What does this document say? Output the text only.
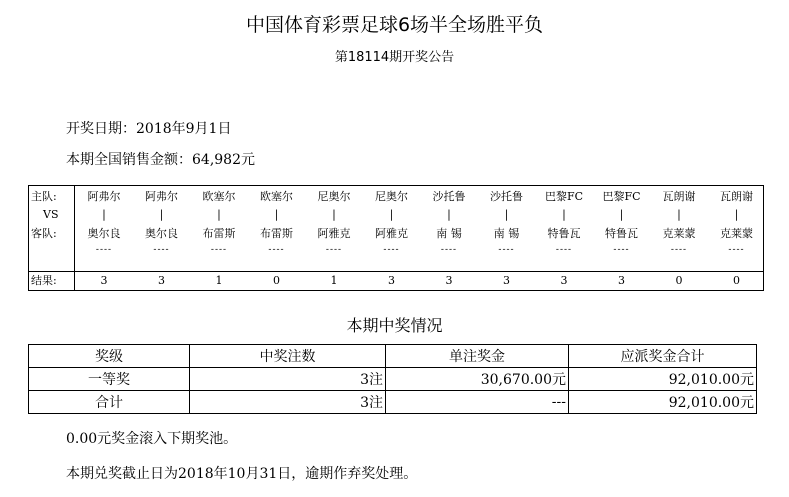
中国体育彩票足球6场半全场胜平负
第18114期开奖公告
开奖日期：2018年9月1日
本期全国销售金额：64,982元
主队:	阿弗尔	阿弗尔	欧塞尔	欧塞尔	尼奥尔	尼奥尔	沙托鲁	沙托鲁	巴黎FC	巴黎FC	瓦朗谢	瓦朗谢
VS	|	|	|	|	|	|	|	|	|	|	|	|
客队:	奥尔良	奥尔良	布雷斯	布雷斯	阿雅克	阿雅克	南 锡	南 锡	特鲁瓦	特鲁瓦	克莱蒙	克莱蒙
----	----	----	----	----	----	----	----	----	----	----	----
结果:	3	3	1	0	1	3	3	3	3	3	0	0
本期中奖情况
奖级	中奖注数	单注奖金	应派奖金合计
一等奖	3注	30,670.00元	92,010.00元
合计	3注	---	92,010.00元
0.00元奖金滚入下期奖池。
本期兑奖截止日为2018年10月31日，逾期作弃奖处理。
